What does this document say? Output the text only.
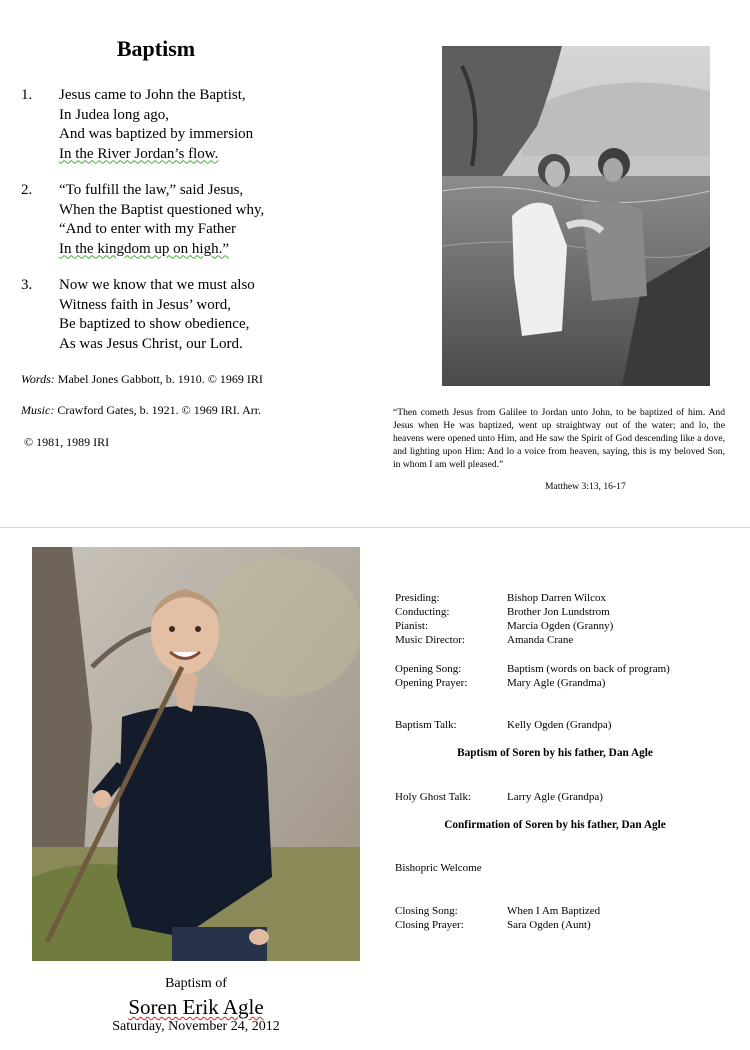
Baptism
1. Jesus came to John the Baptist,
In Judea long ago,
And was baptized by immersion
In the River Jordan’s flow.
2. “To fulfill the law,” said Jesus,
When the Baptist questioned why,
“And to enter with my Father
In the kingdom up on high.”
3. Now we know that we must also
Witness faith in Jesus’ word,
Be baptized to show obedience,
As was Jesus Christ, our Lord.
Words: Mabel Jones Gabbott, b. 1910. © 1969 IRI
Music: Crawford Gates, b. 1921. © 1969 IRI. Arr.
© 1981, 1989 IRI
“Then cometh Jesus from Galilee to Jordan unto John, to be baptized of him. And Jesus when He was baptized, went up straightway out of the water; and lo, the heavens were opened unto Him, and He saw the Spirit of God descending like a dove, and lighting upon Him: And lo a voice from heaven, saying, this is my beloved Son, in whom I am well pleased.”
Matthew 3:13, 16-17
Baptism of
Soren Erik Agle
Saturday, November 24, 2012
Presiding:	Bishop Darren Wilcox
Conducting:	Brother Jon Lundstrom
Pianist:	Marcia Ogden (Granny)
Music Director:	Amanda Crane
Opening Song:	Baptism (words on back of program)
Opening Prayer:	Mary Agle (Grandma)
Baptism Talk:	Kelly Ogden (Grandpa)
Baptism of Soren by his father, Dan Agle
Holy Ghost Talk:	Larry Agle (Grandpa)
Confirmation of Soren by his father, Dan Agle
Bishopric Welcome
Closing Song:	When I Am Baptized
Closing Prayer:	Sara Ogden (Aunt)
